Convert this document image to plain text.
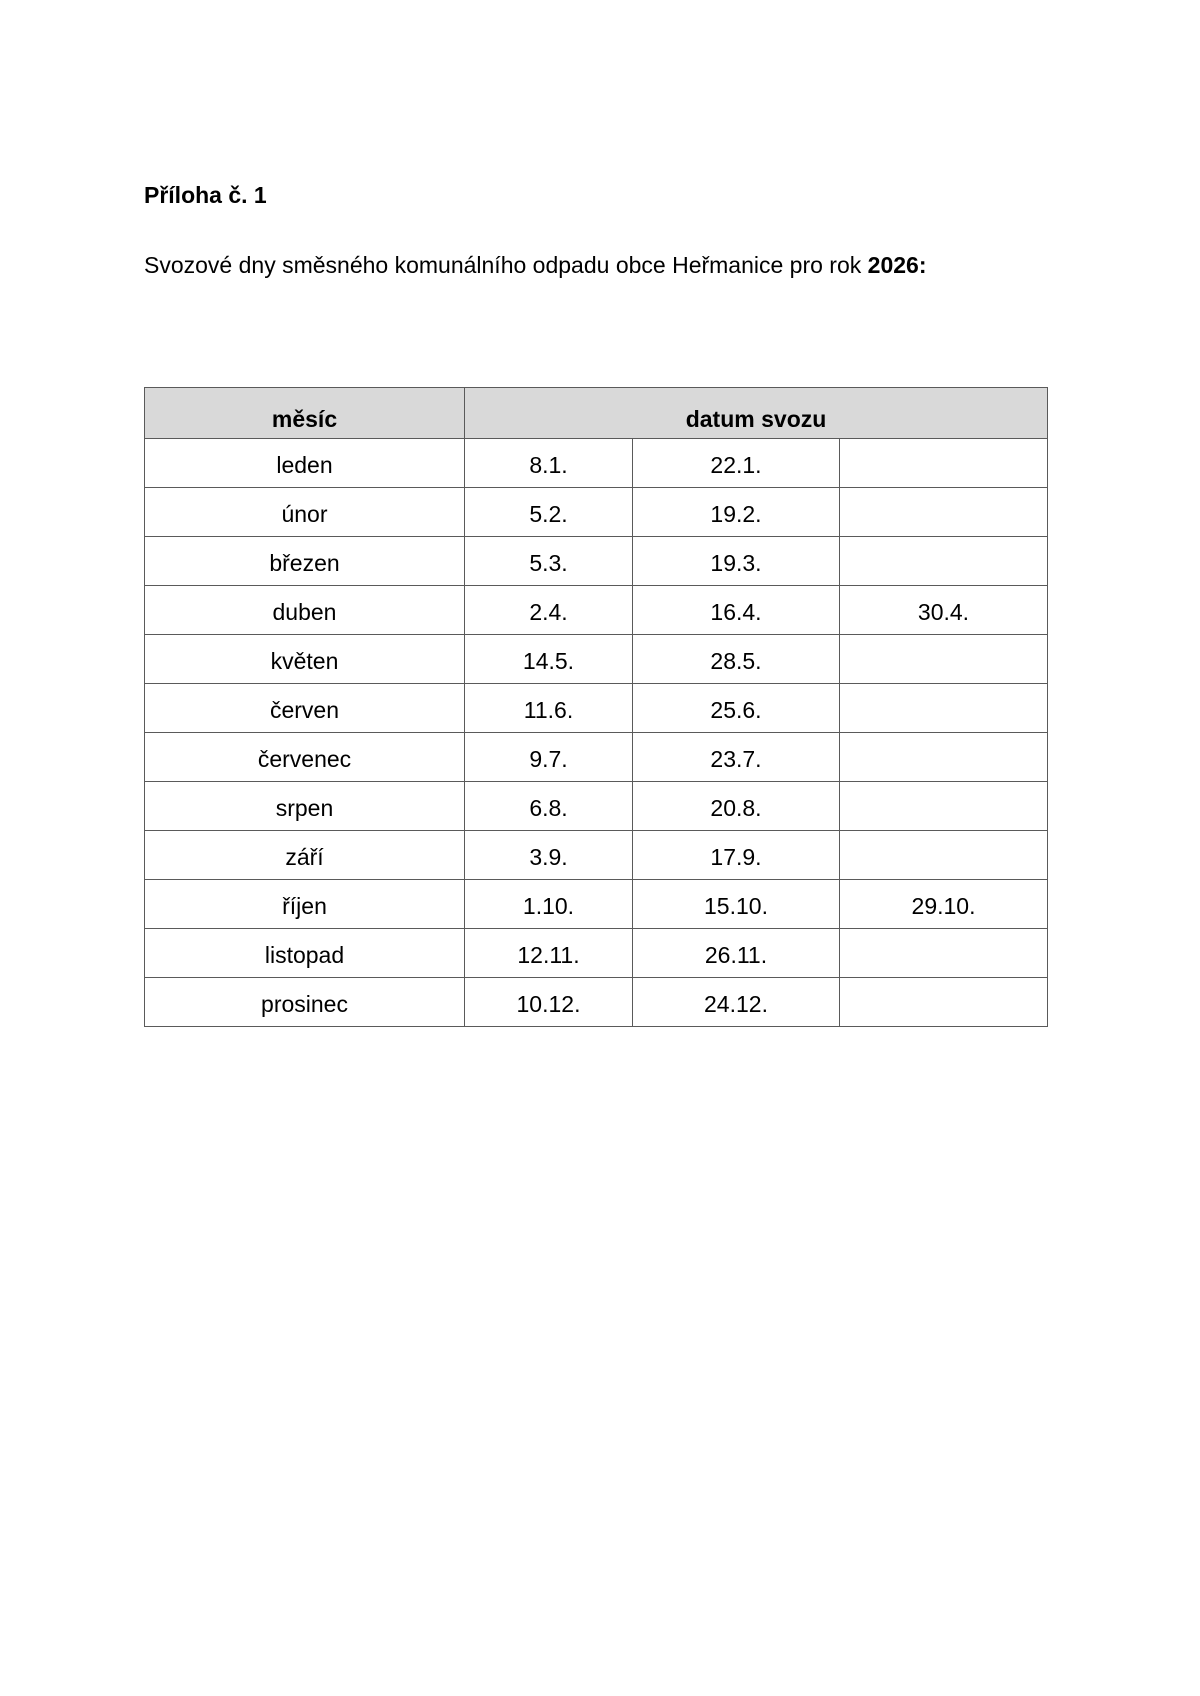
Příloha č. 1
Svozové dny směsného komunálního odpadu obce Heřmanice pro rok 2026:
měsíc	datum svozu		
leden	8.1.	22.1.	
únor	5.2.	19.2.	
březen	5.3.	19.3.	
duben	2.4.	16.4.	30.4.
květen	14.5.	28.5.	
červen	11.6.	25.6.	
červenec	9.7.	23.7.	
srpen	6.8.	20.8.	
září	3.9.	17.9.	
říjen	1.10.	15.10.	29.10.
listopad	12.11.	26.11.	
prosinec	10.12.	24.12.	
